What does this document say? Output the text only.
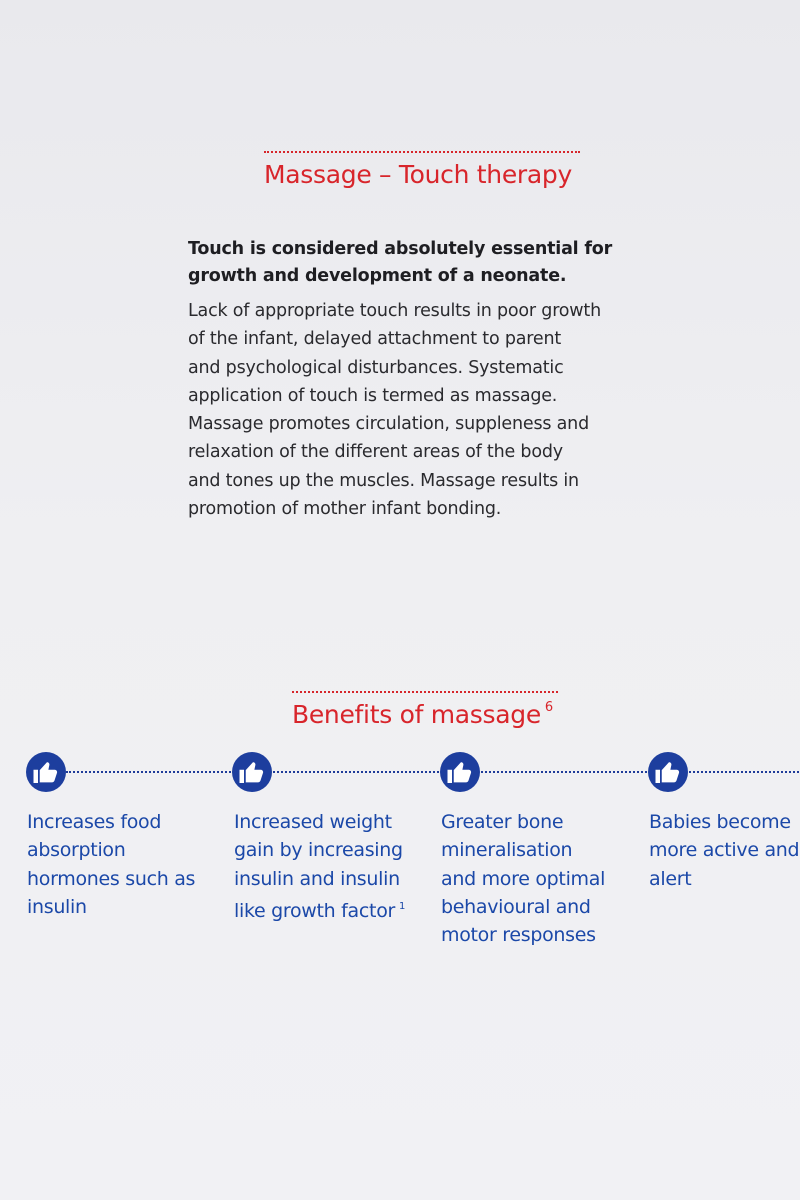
Massage – Touch therapy
Touch is considered absolutely essential for
growth and development of a neonate.
Lack of appropriate touch results in poor growth
of the infant, delayed attachment to parent
and psychological disturbances. Systematic
application of touch is termed as massage.
Massage promotes circulation, suppleness and
relaxation of the different areas of the body
and tones up the muscles. Massage results in
promotion of mother infant bonding.
Benefits of massage $^6$
Increases food
absorption
hormones such as
insulin
Increased weight
gain by increasing
insulin and insulin
like growth factor $^1$
Greater bone
mineralisation
and more optimal
behavioural and
motor responses
Babies become
more active and
alert
